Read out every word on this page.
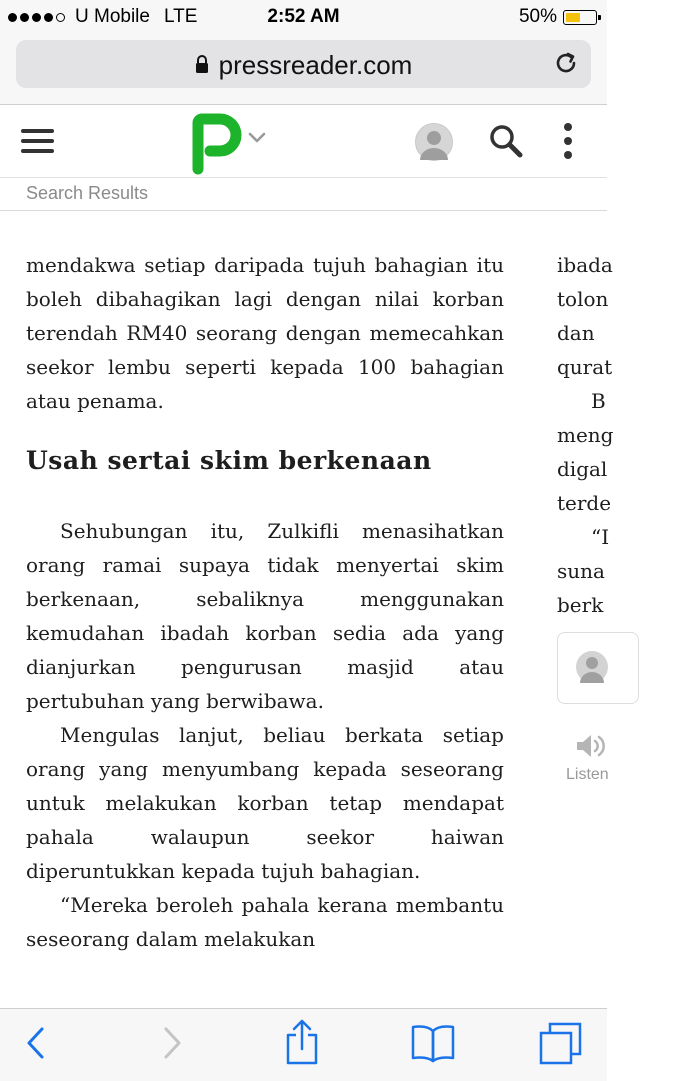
U Mobile LTE	2:52 AM	50%
pressreader.com
Search Results

mendakwa setiap daripada tujuh bahagian itu boleh dibahagikan lagi dengan nilai korban terendah RM40 seorang dengan memecahkan seekor lembu seperti kepada 100 bahagian atau penama.

Usah sertai skim berkenaan

Sehubungan itu, Zulkifli menasihatkan orang ramai supaya tidak menyertai skim berkenaan, sebaliknya menggunakan kemudahan ibadah korban sedia ada yang dianjurkan pengurusan masjid atau pertubuhan yang berwibawa.

Mengulas lanjut, beliau berkata setiap orang yang menyumbang kepada seseorang untuk melakukan korban tetap mendapat pahala walaupun seekor haiwan diperuntukkan kepada tujuh bahagian.

“Mereka beroleh pahala kerana membantu seseorang dalam melakukan

ibada
tolon
dan
qurat
B
meng
digal
terde
“I
suna
berk
Listen
